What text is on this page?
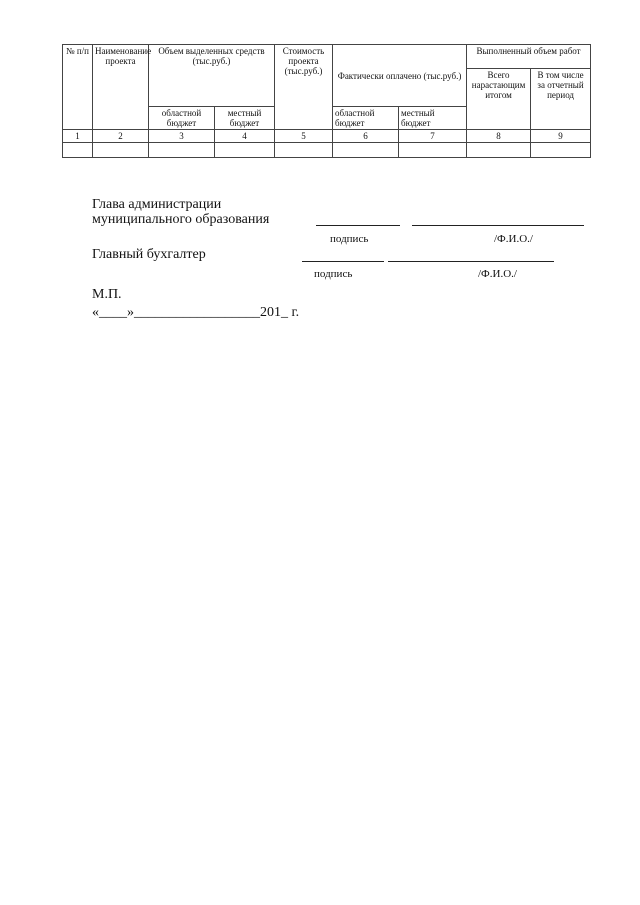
№ п/п	Наименование проекта	Объем выделенных средств (тыс.руб.)		Стоимость проекта (тыс.руб.)	Фактически оплачено (тыс.руб.)		Выполненный объем работ	
							Всего нарастающим итогом	В том числе за отчетный период
		областной бюджет	местный бюджет		областной бюджет	местный бюджет		
1	2	3	4	5	6	7	8	9

Глава администрации
муниципального образования
подпись	/Ф.И.О./
Главный бухгалтер
подпись	/Ф.И.О./
М.П.
«____»__________________201_ г.
